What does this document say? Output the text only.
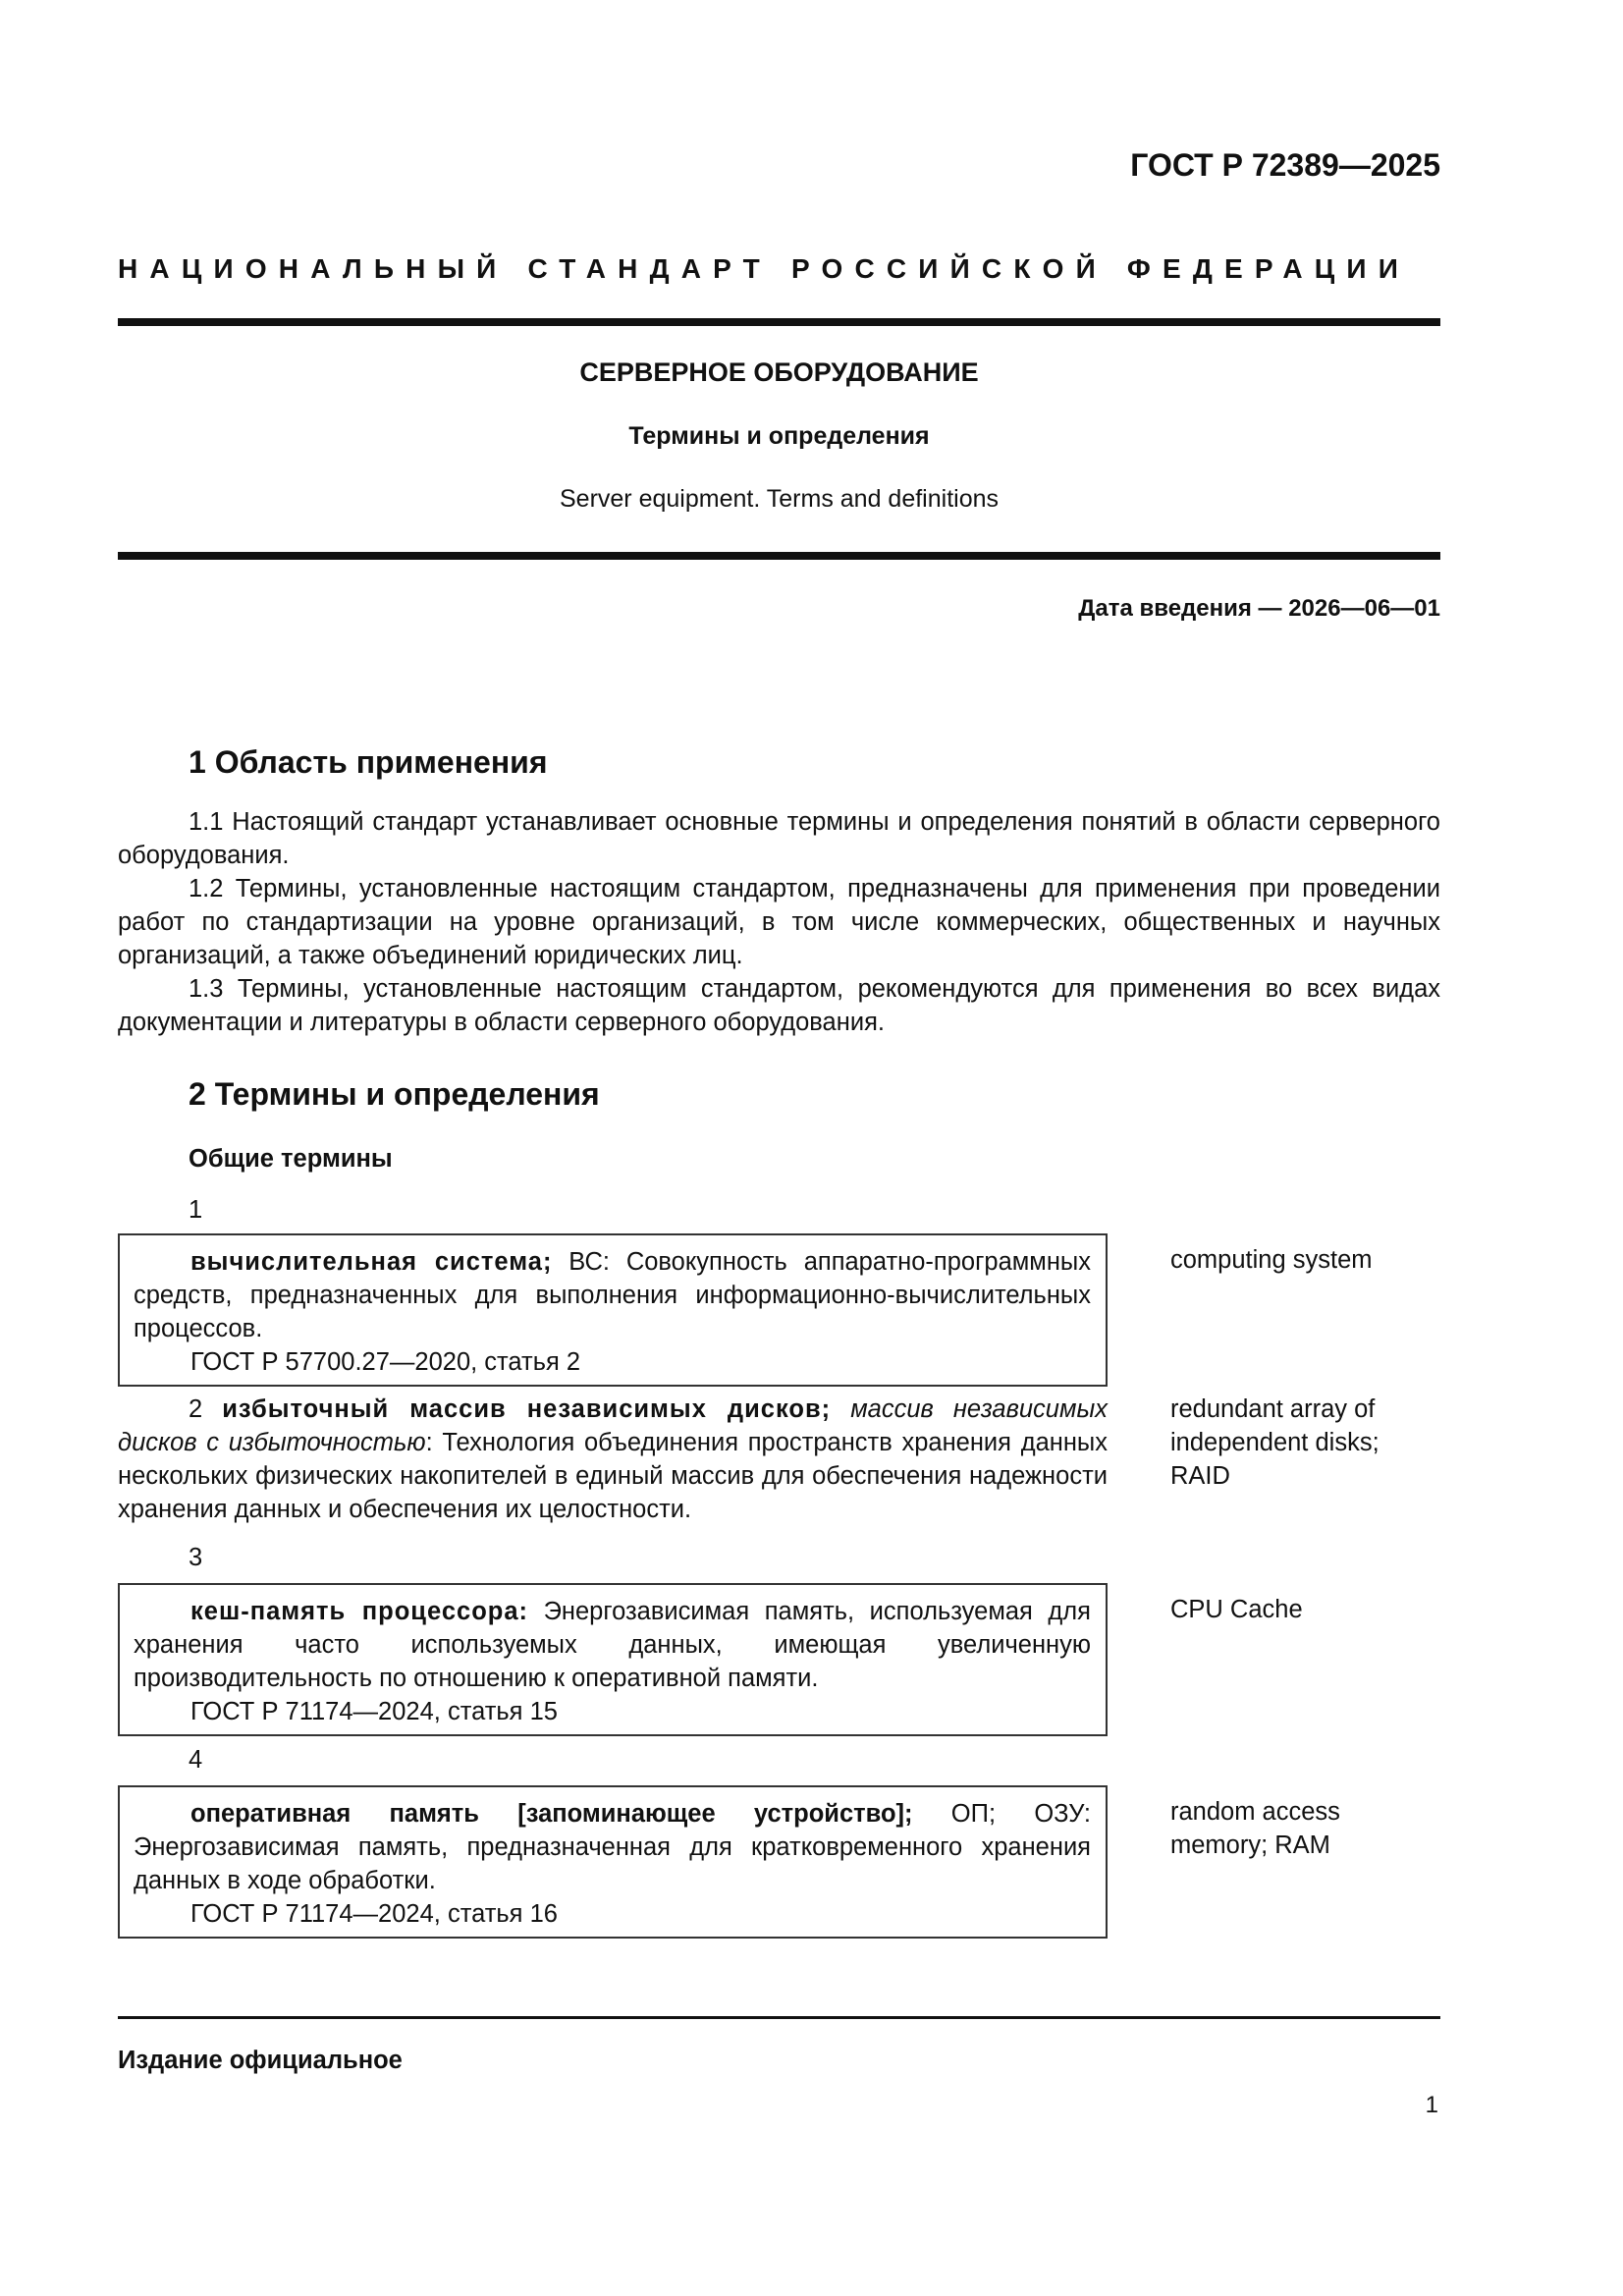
ГОСТ Р 72389—2025
НАЦИОНАЛЬНЫЙ СТАНДАРТ РОССИЙСКОЙ ФЕДЕРАЦИИ
СЕРВЕРНОЕ ОБОРУДОВАНИЕ
Термины и определения
Server equipment. Terms and definitions
Дата введения — 2026—06—01
1 Область применения

1.1 Настоящий стандарт устанавливает основные термины и определения понятий в области серверного оборудования.

1.2 Термины, установленные настоящим стандартом, предназначены для применения при проведении работ по стандартизации на уровне организаций, в том числе коммерческих, общественных и научных организаций, а также объединений юридических лиц.

1.3 Термины, установленные настоящим стандартом, рекомендуются для применения во всех видах документации и литературы в области серверного оборудования.

2 Термины и определения
Общие термины
1

вычислительная система; ВС: Совокупность аппаратно-программных средств, предназначенных для выполнения информационно-вычислительных процессов.

ГОСТ Р 57700.27—2020, статья 2

computing system

2 избыточный массив независимых дисков; массив независимых дисков с избыточностью: Технология объединения пространств хранения данных нескольких физических накопителей в единый массив для обеспечения надежности хранения данных и обеспечения их целостности.

redundant array of independent disks; RAID
3

кеш-память процессора: Энергозависимая память, используемая для хранения часто используемых данных, имеющая увеличенную производительность по отношению к оперативной памяти.

ГОСТ Р 71174—2024, статья 15

CPU Cache
4

оперативная память [запоминающее устройство]; ОП; ОЗУ: Энергозависимая память, предназначенная для кратковременного хранения данных в ходе обработки.

ГОСТ Р 71174—2024, статья 16

random access memory; RAM
Издание официальное
1
